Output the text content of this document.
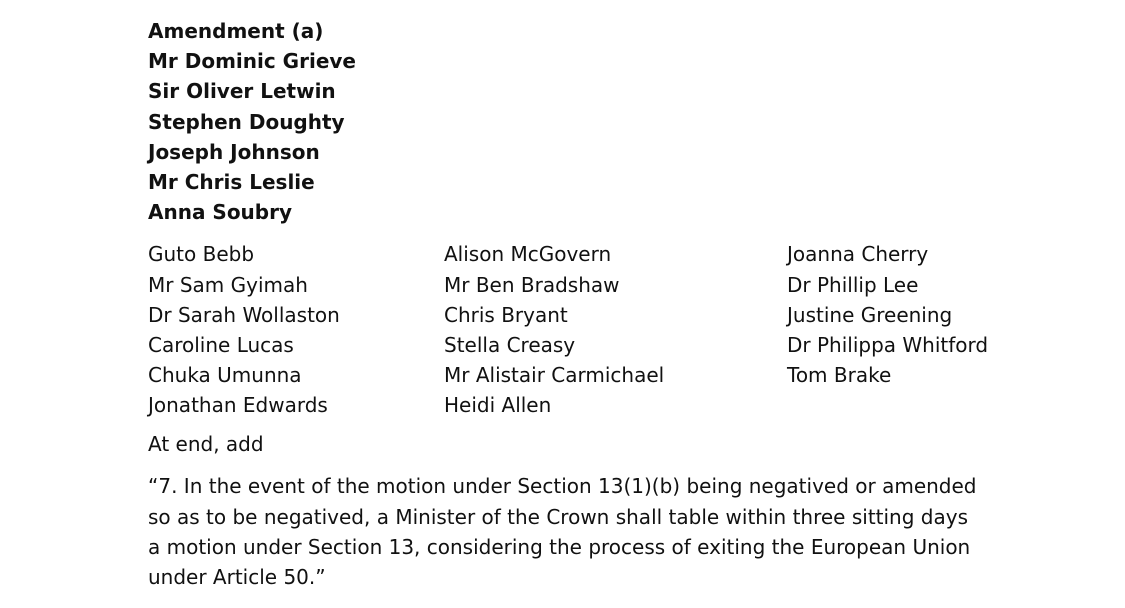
Amendment (a)
Mr Dominic Grieve
Sir Oliver Letwin
Stephen Doughty
Joseph Johnson
Mr Chris Leslie
Anna Soubry
Guto Bebb
Mr Sam Gyimah
Dr Sarah Wollaston
Caroline Lucas
Chuka Umunna
Jonathan Edwards
Alison McGovern
Mr Ben Bradshaw
Chris Bryant
Stella Creasy
Mr Alistair Carmichael
Heidi Allen
Joanna Cherry
Dr Phillip Lee
Justine Greening
Dr Philippa Whitford
Tom Brake
At end, add
“7. In the event of the motion under Section 13(1)(b) being negatived or amended
so as to be negatived, a Minister of the Crown shall table within three sitting days
a motion under Section 13, considering the process of exiting the European Union
under Article 50.”
